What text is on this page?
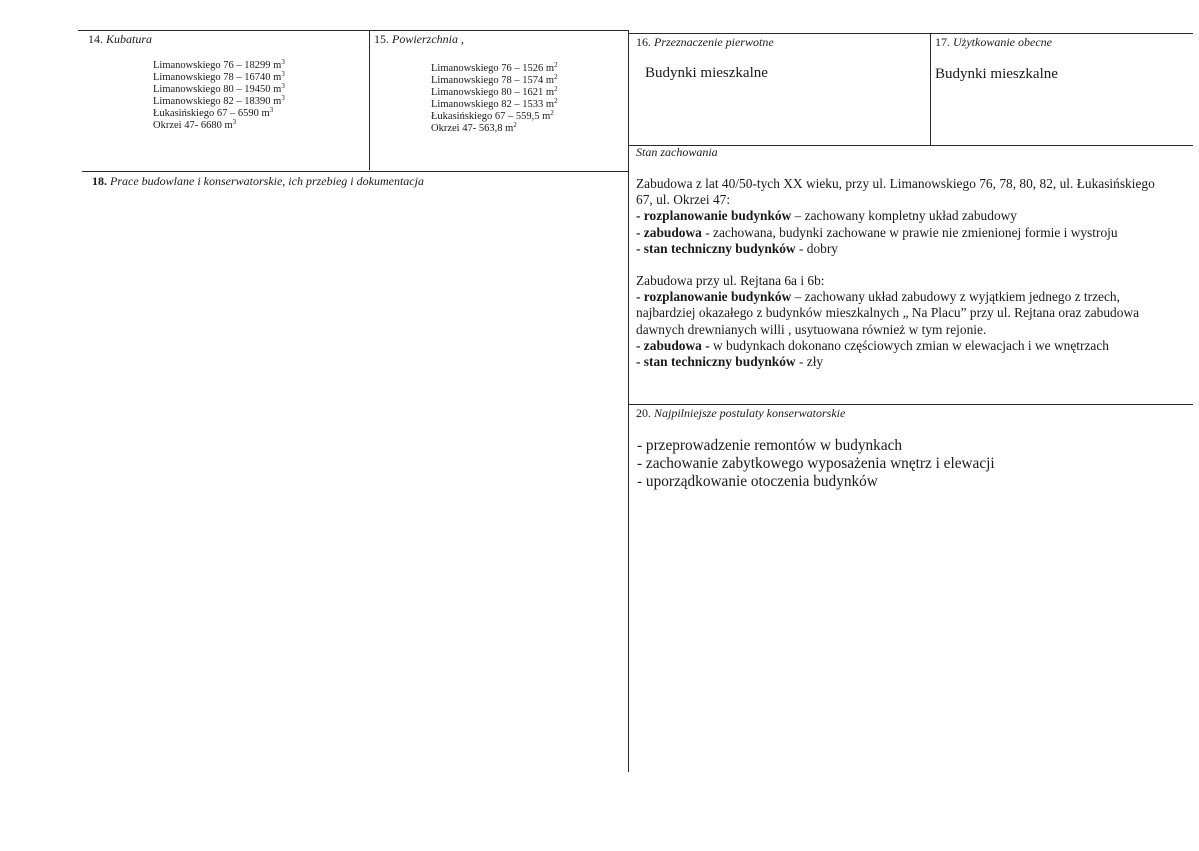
14. Kubatura
Limanowskiego 76 – 18299 $m^3$
Limanowskiego 78 – 16740 $m^3$
Limanowskiego 80 – 19450 $m^3$
Limanowskiego 82 – 18390 $m^3$
Łukasińskiego 67 – 6590 $m^3$
Okrzei 47- 6680 $m^3$
15. Powierzchnia ,
Limanowskiego 76 – 1526 $m^2$
Limanowskiego 78 – 1574 $m^2$
Limanowskiego 80 – 1621 $m^2$
Limanowskiego 82 – 1533 $m^2$
Łukasińskiego 67 – 559,5 $m^2$
Okrzei 47- 563,8 $m^2$
16. Przeznaczenie pierwotne
Budynki mieszkalne
17. Użytkowanie obecne
Budynki mieszkalne
18. Prace budowlane i konserwatorskie, ich przebieg i dokumentacja
Stan zachowania
Zabudowa z lat 40/50-tych XX wieku, przy ul. Limanowskiego 76, 78, 80, 82, ul. Łukasińskiego
67, ul. Okrzei 47:
- rozplanowanie budynków – zachowany kompletny układ zabudowy
- zabudowa - zachowana, budynki zachowane w prawie nie zmienionej formie i wystroju
- stan techniczny budynków - dobry
Zabudowa przy ul. Rejtana 6a i 6b:
- rozplanowanie budynków – zachowany układ zabudowy z wyjątkiem jednego z trzech,
najbardziej okazałego z budynków mieszkalnych „ Na Placu” przy ul. Rejtana oraz zabudowa
dawnych drewnianych willi , usytuowana również w tym rejonie.
- zabudowa - w budynkach dokonano częściowych zmian w elewacjach i we wnętrzach
- stan techniczny budynków - zły
20. Najpilniejsze postulaty konserwatorskie
- przeprowadzenie remontów w budynkach
- zachowanie zabytkowego wyposażenia wnętrz i elewacji
- uporządkowanie otoczenia budynków
